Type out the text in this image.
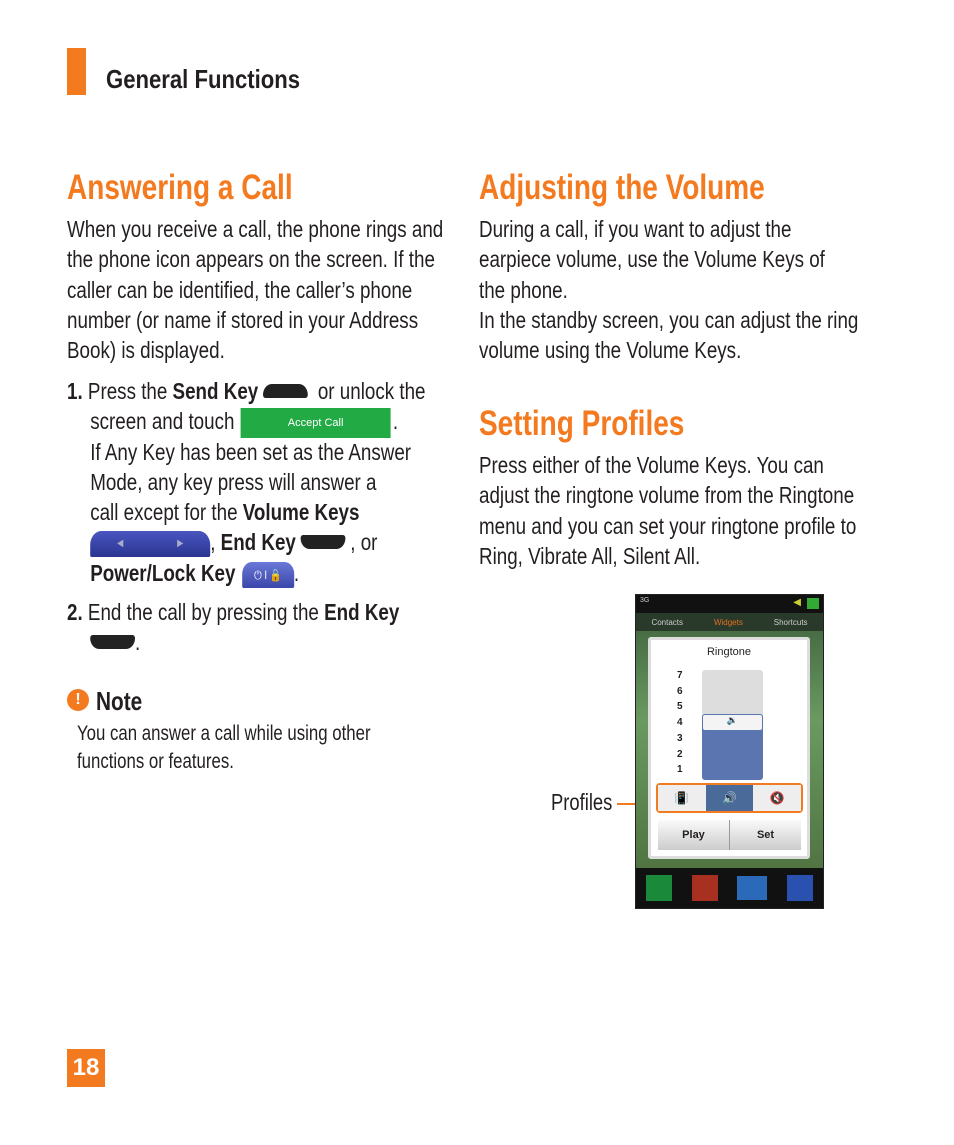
General Functions
Answering a Call
When you receive a call, the phone rings and
the phone icon appears on the screen. If the
caller can be identified, the caller’s phone
number (or name if stored in your Address
Book) is displayed.
1. Press the Send Key or unlock the
screen and touch	Accept Call .
If Any Key has been set as the Answer
Mode, any key press will answer a
call except for the Volume Keys
◀	▶ , End Key , or
Power/Lock Key ⏻ I 🔒 .
2. End the call by pressing the End Key
.
! Note
You can answer a call while using other
functions or features.
Adjusting the Volume
During a call, if you want to adjust the
earpiece volume, use the Volume Keys of
the phone.
In the standby screen, you can adjust the ring
volume using the Volume Keys.
Setting Profiles
Press either of the Volume Keys. You can
adjust the ringtone volume from the Ringtone
menu and you can set your ringtone profile to
Ring, Vibrate All, Silent All.
Profiles
3G	◀
Contacts	Widgets	Shortcuts
Ringtone
7
6
5
4
3
2
1
🔉
📳	🔊	🔇
Play	Set
18
